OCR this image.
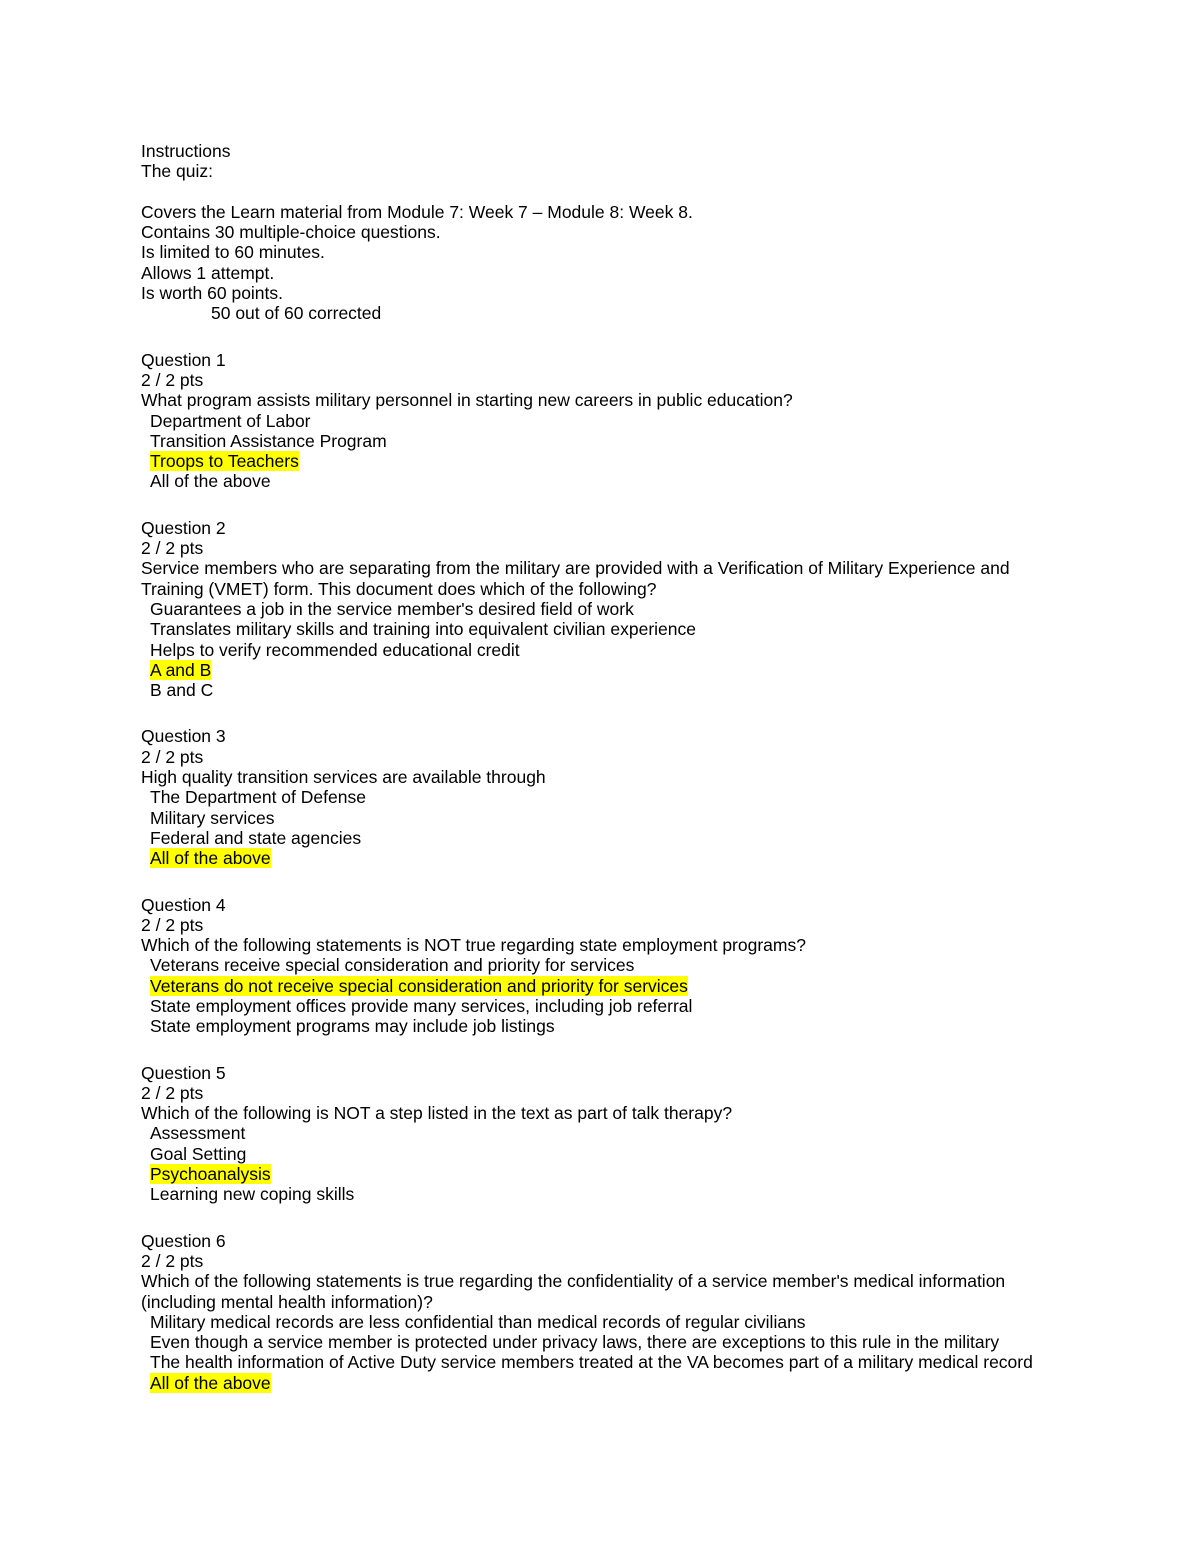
Instructions
The quiz:
Covers the Learn material from Module 7: Week 7 – Module 8: Week 8.
Contains 30 multiple-choice questions.
Is limited to 60 minutes.
Allows 1 attempt.
Is worth 60 points.
50 out of 60 corrected
Question 1
2 / 2 pts
What program assists military personnel in starting new careers in public education?
Department of Labor
Transition Assistance Program
Troops to Teachers
All of the above
Question 2
2 / 2 pts
Service members who are separating from the military are provided with a Verification of Military Experience and Training (VMET) form. This document does which of the following?
Guarantees a job in the service member's desired field of work
Translates military skills and training into equivalent civilian experience
Helps to verify recommended educational credit
A and B
B and C
Question 3
2 / 2 pts
High quality transition services are available through
The Department of Defense
Military services
Federal and state agencies
All of the above
Question 4
2 / 2 pts
Which of the following statements is NOT true regarding state employment programs?
Veterans receive special consideration and priority for services
Veterans do not receive special consideration and priority for services
State employment offices provide many services, including job referral
State employment programs may include job listings
Question 5
2 / 2 pts
Which of the following is NOT a step listed in the text as part of talk therapy?
Assessment
Goal Setting
Psychoanalysis
Learning new coping skills
Question 6
2 / 2 pts
Which of the following statements is true regarding the confidentiality of a service member's medical information (including mental health information)?
Military medical records are less confidential than medical records of regular civilians
Even though a service member is protected under privacy laws, there are exceptions to this rule in the military
The health information of Active Duty service members treated at the VA becomes part of a military medical record
All of the above
